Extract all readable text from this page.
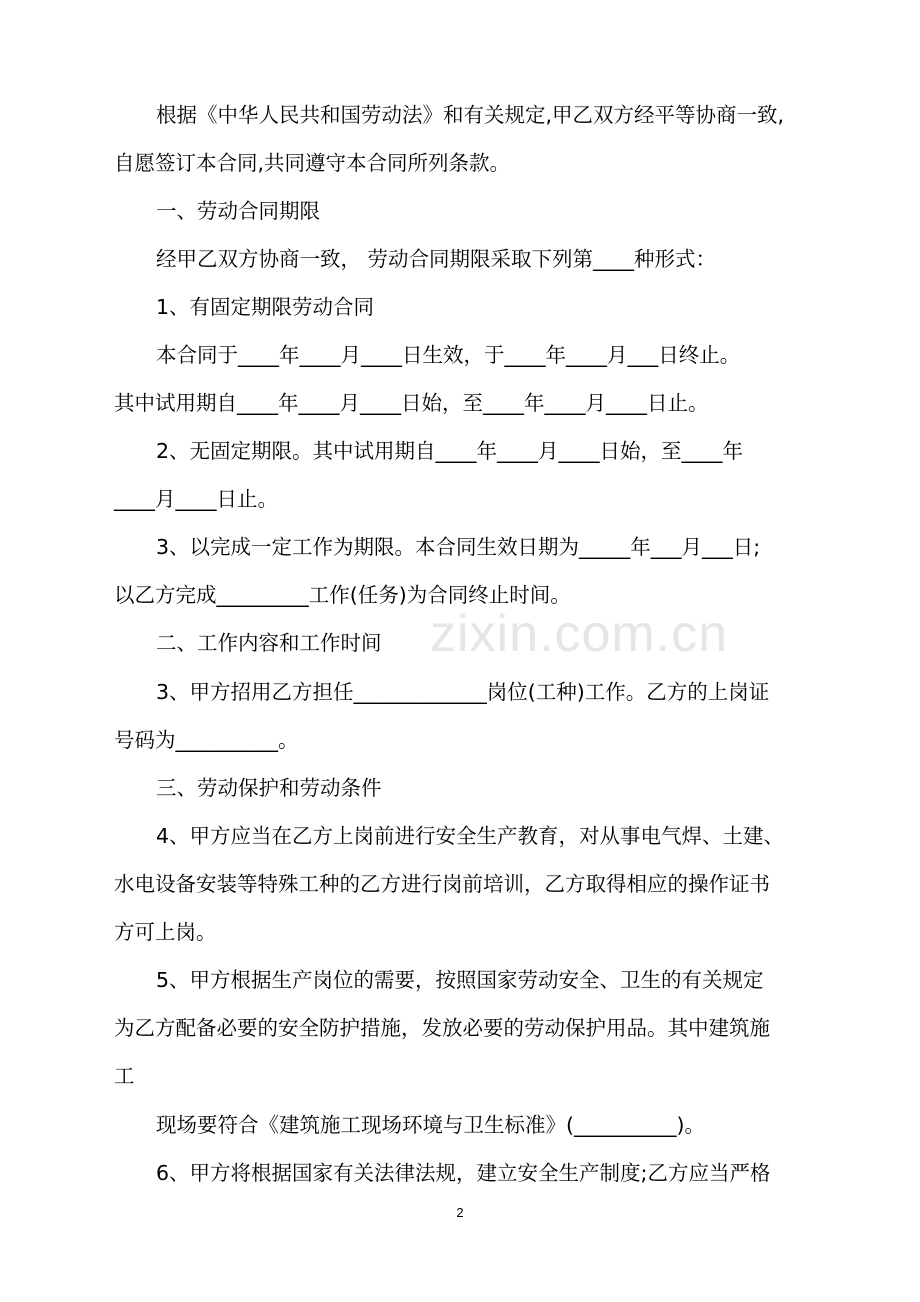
zixin.com.cn
根据《中华人民共和国劳动法》和有关规定,甲乙双方经平等协商一致,
自愿签订本合同,共同遵守本合同所列条款。
一、劳动合同期限
经甲乙双方协商一致， 劳动合同期限采取下列第____种形式：
1、有固定期限劳动合同
本合同于____年____月____日生效，于____年____月___日终止。
其中试用期自____年____月____日始，至____年____月____日止。
2、无固定期限。其中试用期自____年____月____日始，至____年
____月____日止。
3、以完成一定工作为期限。本合同生效日期为_____年___月___日;
以乙方完成_________工作(任务)为合同终止时间。
二、工作内容和工作时间
3、甲方招用乙方担任_____________岗位(工种)工作。乙方的上岗证
号码为__________。
三、劳动保护和劳动条件
4、甲方应当在乙方上岗前进行安全生产教育，对从事电气焊、土建、
水电设备安装等特殊工种的乙方进行岗前培训，乙方取得相应的操作证书
方可上岗。
5、甲方根据生产岗位的需要，按照国家劳动安全、卫生的有关规定
为乙方配备必要的安全防护措施，发放必要的劳动保护用品。其中建筑施
工
现场要符合《建筑施工现场环境与卫生标准》(__________)。
6、甲方将根据国家有关法律法规，建立安全生产制度;乙方应当严格
2
